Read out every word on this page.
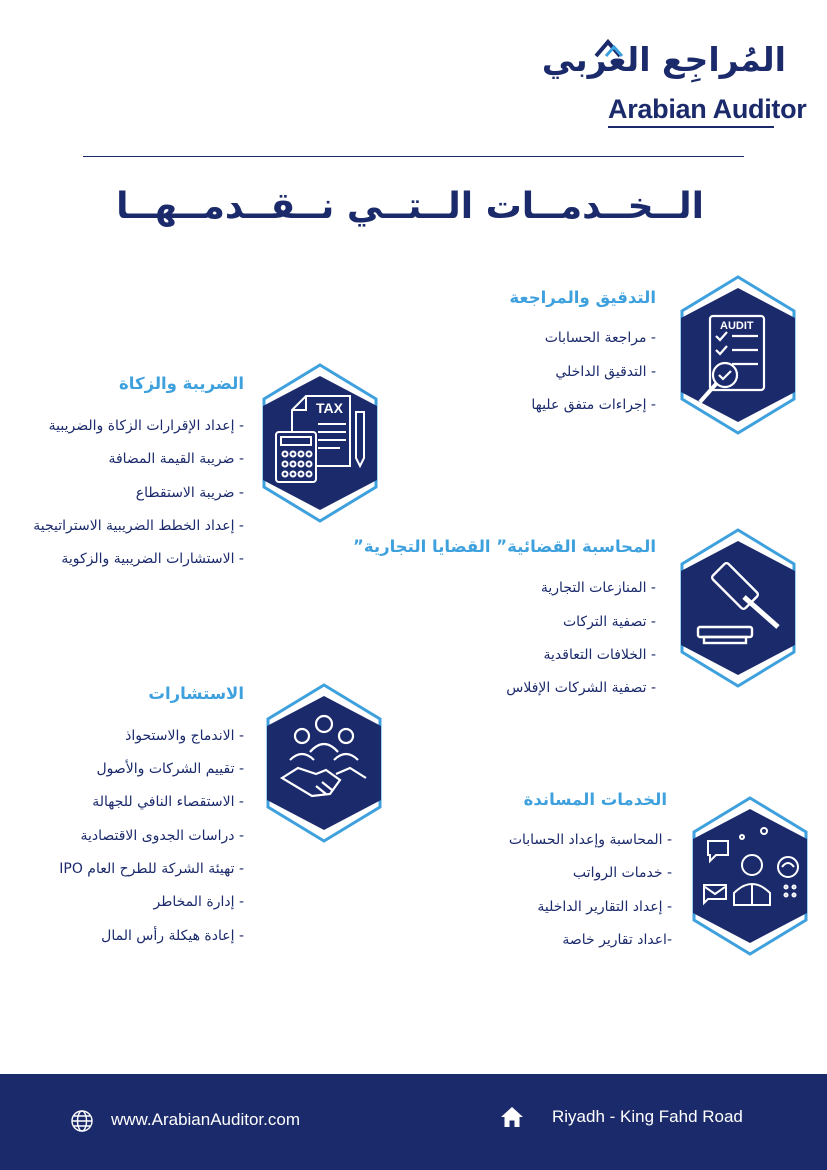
المُراجِع العربي
Arabian Auditor
الــخــدمــات الــتــي نــقــدمــهــا
AUDIT
التدقيق والمراجعة
- مراجعة الحسابات
- التدقيق الداخلي
- إجراءات متفق عليها
TAX
الضريبة والزكاة
- إعداد الإقرارات الزكاة والضريبية
- ضريبة القيمة المضافة
- ضريبة الاستقطاع
- إعداد الخطط الضريبية الاستراتيجية
- الاستشارات الضريبية والزكوية
المحاسبة القضائية” القضايا التجارية”
- المنازعات التجارية
- تصفية التركات
- الخلافات التعاقدية
- تصفية الشركات الإفلاس
الاستشارات
- الاندماج والاستحواذ
- تقييم الشركات والأصول
- الاستقصاء النافي للجهالة
- دراسات الجدوى الاقتصادية
- تهيئة الشركة للطرح العام IPO
- إدارة المخاطر
- إعادة هيكلة رأس المال
الخدمات المساندة
- المحاسبة وإعداد الحسابات
- خدمات الرواتب
- إعداد التقارير الداخلية
-اعداد تقارير خاصة
www.ArabianAuditor.com	Riyadh - King Fahd Road
